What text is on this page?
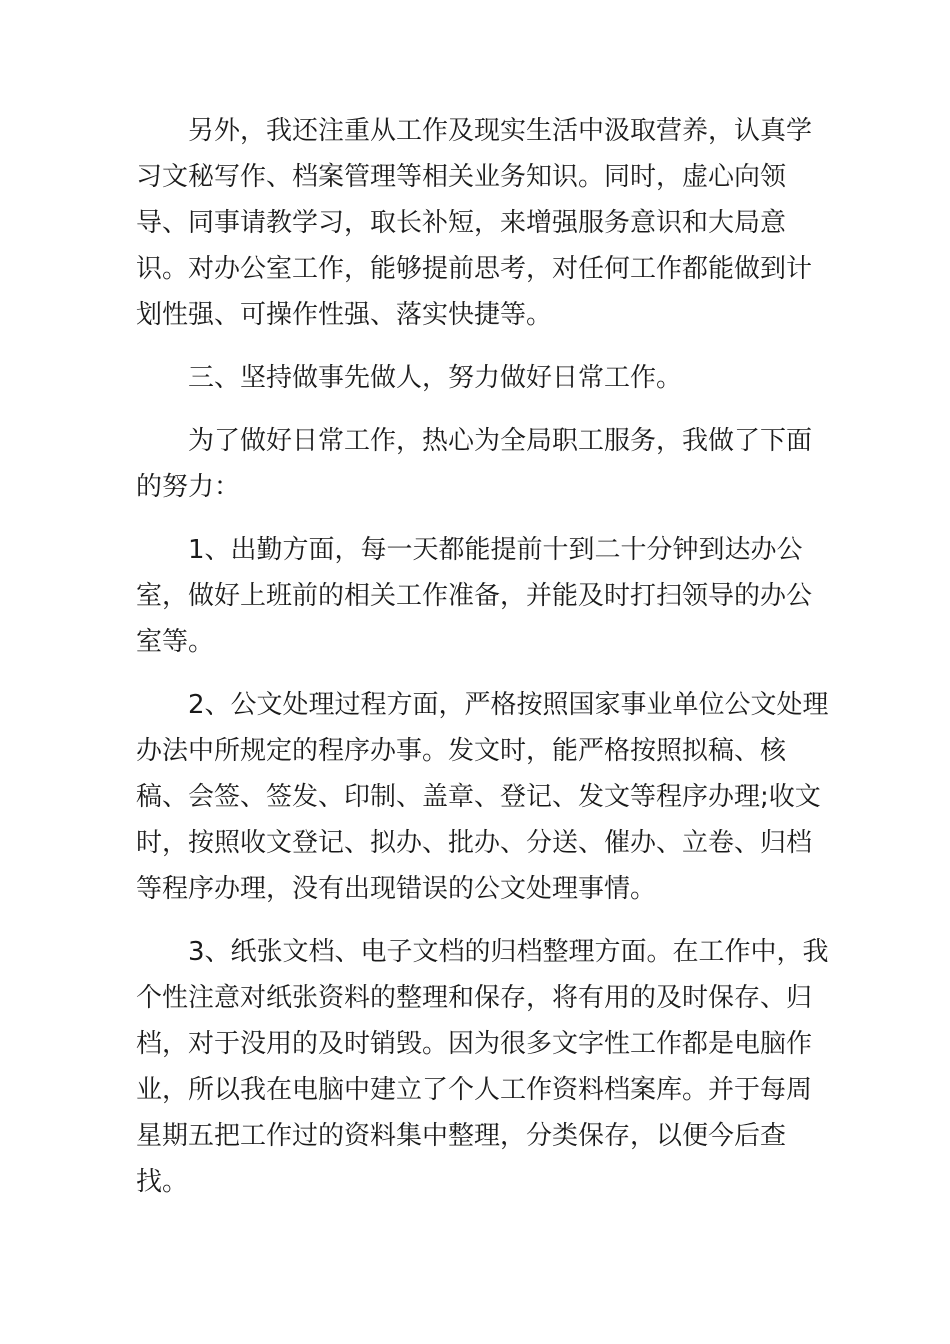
另外，我还注重从工作及现实生活中汲取营养，认真学
习文秘写作、档案管理等相关业务知识。同时，虚心向领
导、同事请教学习，取长补短，来增强服务意识和大局意
识。对办公室工作，能够提前思考，对任何工作都能做到计
划性强、可操作性强、落实快捷等。

三、坚持做事先做人，努力做好日常工作。

为了做好日常工作，热心为全局职工服务，我做了下面
的努力：

1、出勤方面，每一天都能提前十到二十分钟到达办公
室，做好上班前的相关工作准备，并能及时打扫领导的办公
室等。

2、公文处理过程方面，严格按照国家事业单位公文处理
办法中所规定的程序办事。发文时，能严格按照拟稿、核
稿、会签、签发、印制、盖章、登记、发文等程序办理;收文
时，按照收文登记、拟办、批办、分送、催办、立卷、归档
等程序办理，没有出现错误的公文处理事情。

3、纸张文档、电子文档的归档整理方面。在工作中，我
个性注意对纸张资料的整理和保存，将有用的及时保存、归
档，对于没用的及时销毁。因为很多文字性工作都是电脑作
业，所以我在电脑中建立了个人工作资料档案库。并于每周
星期五把工作过的资料集中整理，分类保存，以便今后查
找。
